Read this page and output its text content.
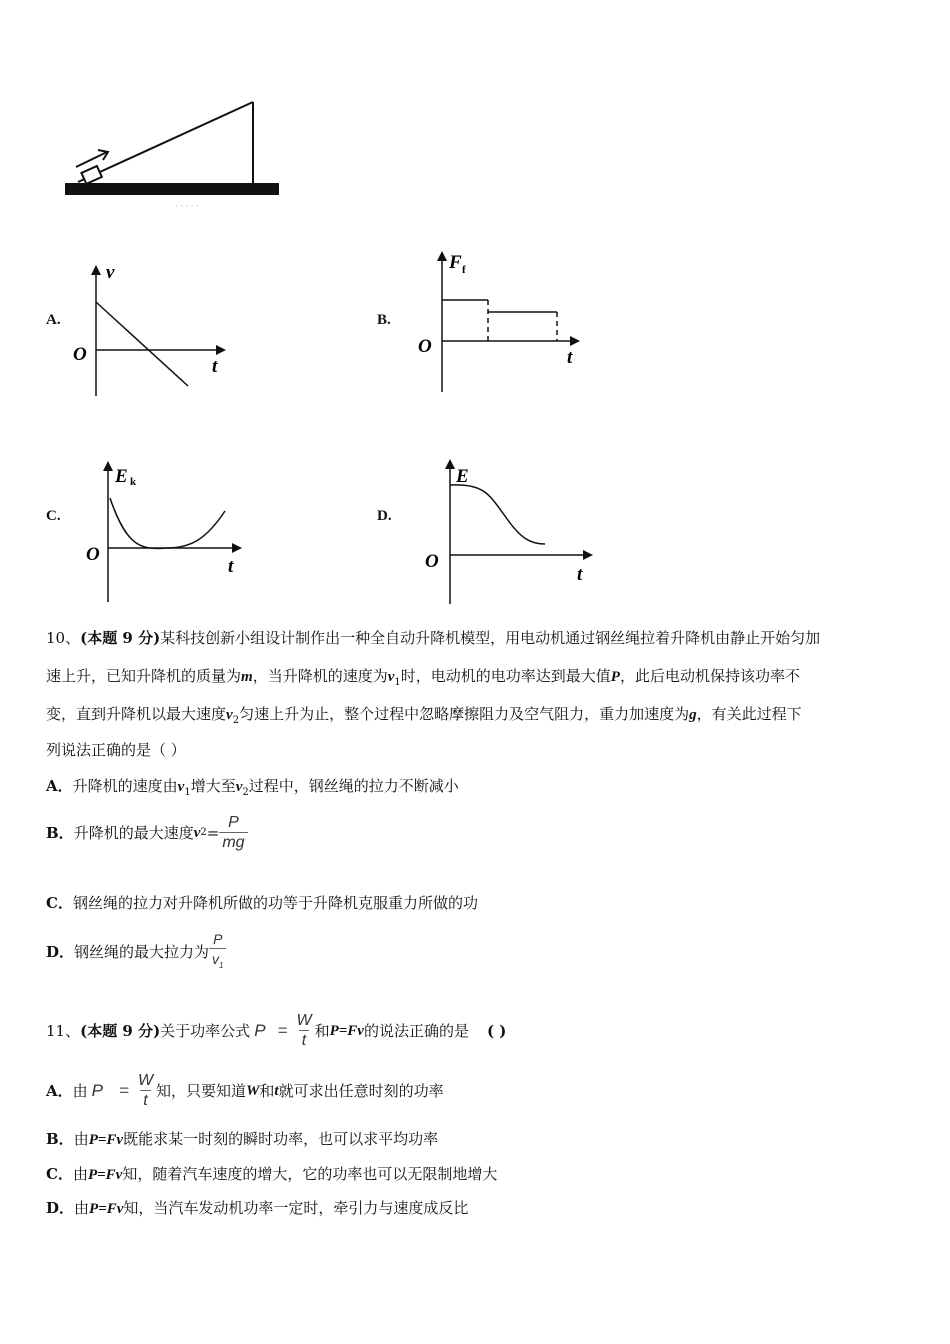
· · · · ·
A.
v
O
t
B.
F f
O
t
C.
E k
O
t
D.
E
O
t
10、(本题 9 分)某科技创新小组设计制作出一种全自动升降机模型，用电动机通过钢丝绳拉着升降机由静止开始匀加
速上升，已知升降机的质量为m，当升降机的速度为$v_1$时，电动机的电功率达到最大值P，此后电动机保持该功率不
变，直到升降机以最大速度$v_2$匀速上升为止，整个过程中忽略摩擦阻力及空气阻力，重力加速度为g，有关此过程下
列说法正确的是（ ）
A．升降机的速度由$v_1$增大至$v_2$过程中，钢丝绳的拉力不断减小
B． 升降机的最大速度 v $2 = \frac{P}{mg}$
C．钢丝绳的拉力对升降机所做的功等于升降机克服重力所做的功
D． 钢丝绳的最大拉力为 $\frac{P}{v_1}$
11、 (本题 9 分) 关于功率公式 $P = \frac{W}{t}$ 和 P=Fv 的说法正确的是 ( )
A． 由 $P = \frac{W}{t}$ 知，只要知道 W 和 t 就可求出任意时刻的功率
B．由P=Fv既能求某一时刻的瞬时功率，也可以求平均功率
C．由P=Fv知，随着汽车速度的增大，它的功率也可以无限制地增大
D．由P=Fv知，当汽车发动机功率一定时，牵引力与速度成反比
